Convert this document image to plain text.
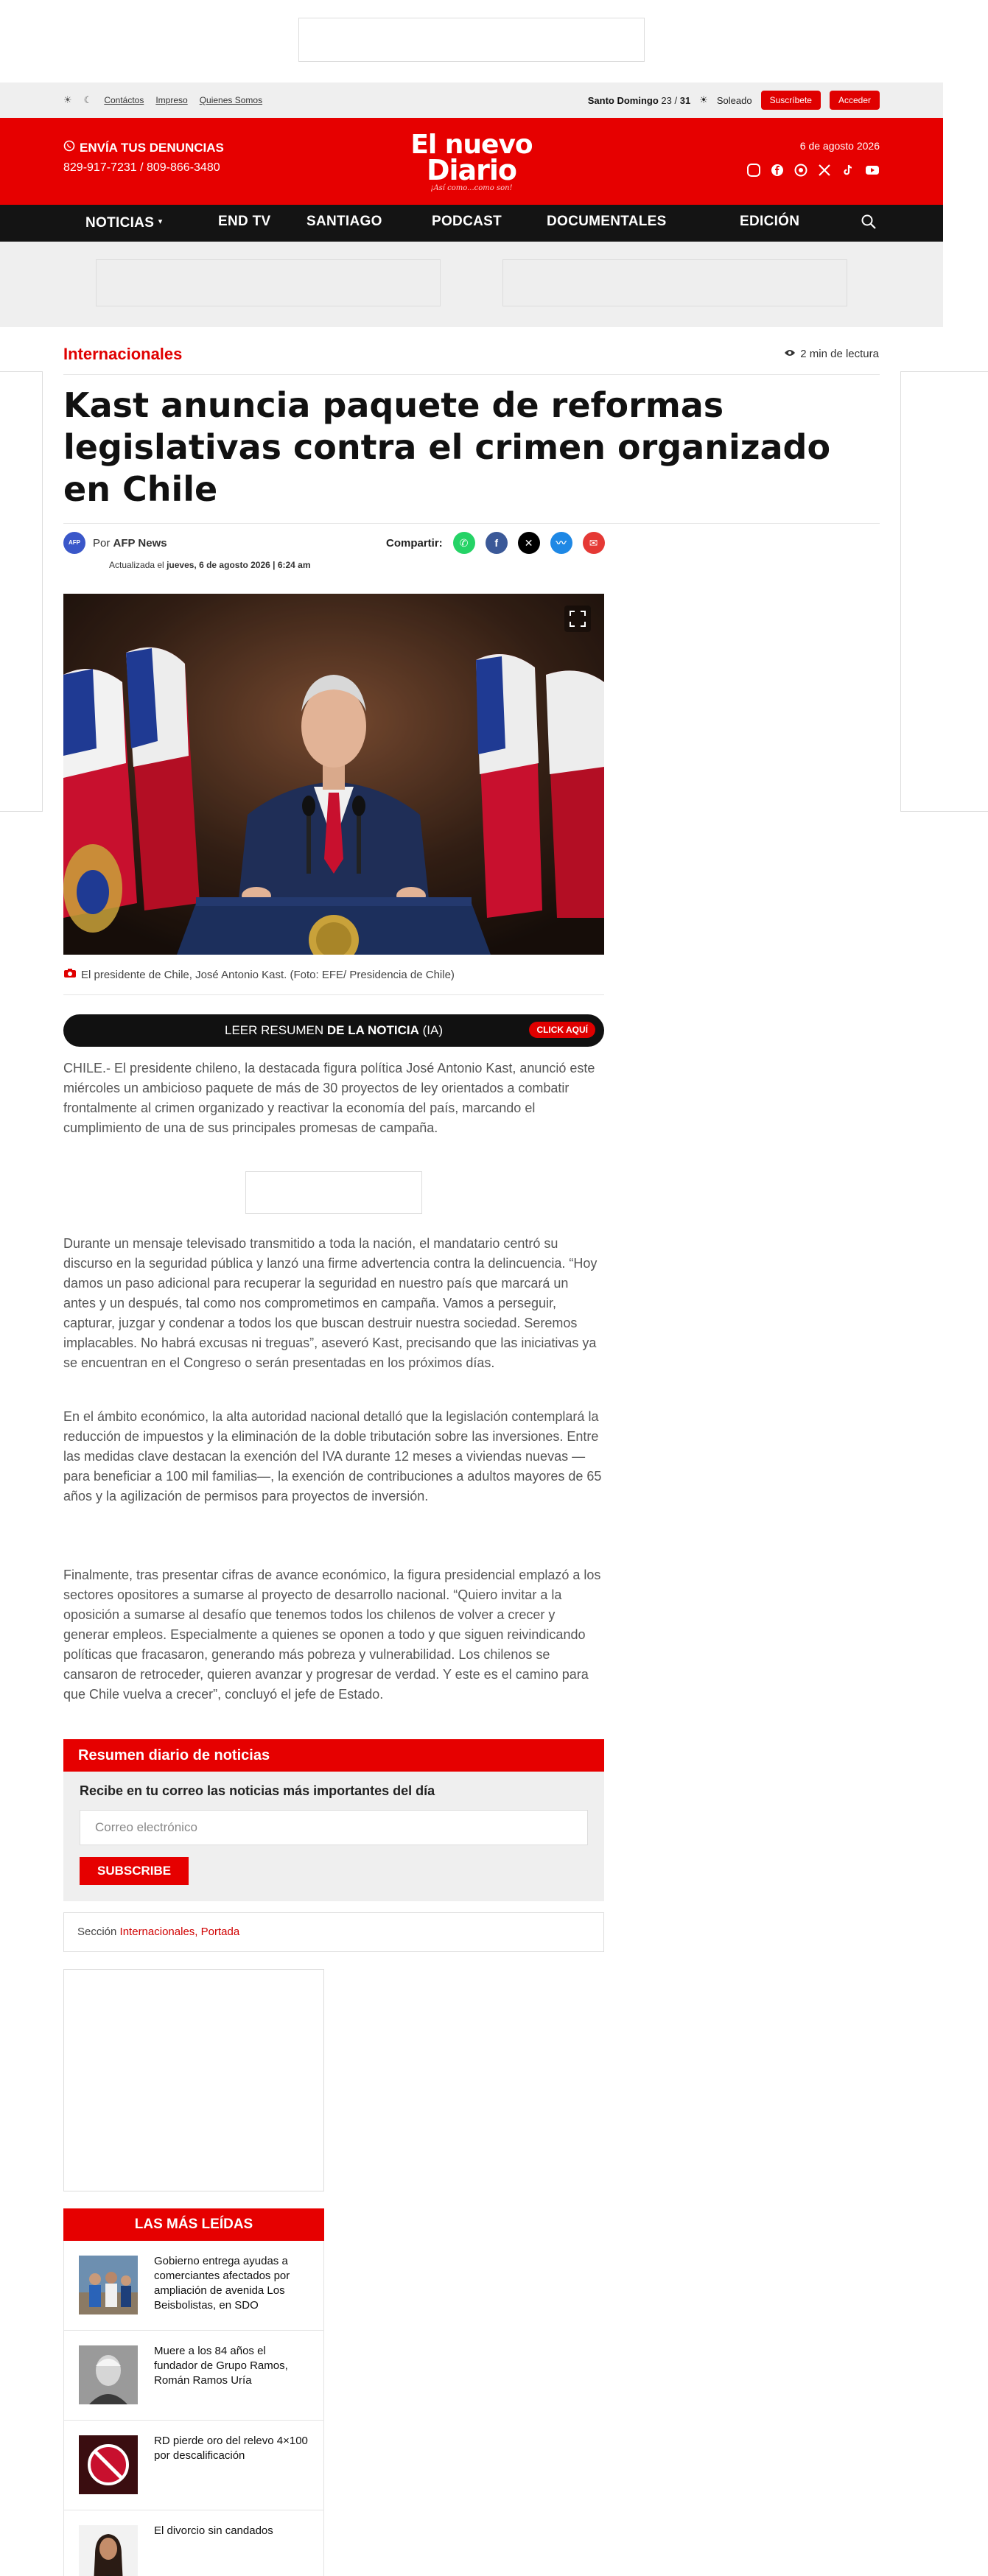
☀ ☾ Contáctos Impreso Quienes Somos	Santo Domingo 23 / 31 ☀ Soleado	Suscríbete	Acceder
ENVÍA TUS DENUNCIAS
829-917-7231 / 809-866-3480
El nuevo
Diario
¡Así como...como son!
6 de agosto 2026
NOTICIAS ▾	END TV	SANTIAGO	PODCAST	DOCUMENTALES	EDICIÓN
Internacionales	2 min de lectura
Kast anuncia paquete de reformas legislativas contra el crimen organizado en Chile
AFP	Por AFP News
Actualizada el jueves, 6 de agosto 2026 | 6:24 am
Compartir:	✆	f	✕	〰	✉
El presidente de Chile, José Antonio Kast. (Foto: EFE/ Presidencia de Chile)
LEER RESUMEN DE LA NOTICIA (IA)	CLICK AQUÍ

CHILE.- El presidente chileno, la destacada figura política José Antonio Kast, anunció este miércoles un ambicioso paquete de más de 30 proyectos de ley orientados a combatir frontalmente al crimen organizado y reactivar la economía del país, marcando el cumplimiento de una de sus principales promesas de campaña.

Durante un mensaje televisado transmitido a toda la nación, el mandatario centró su discurso en la seguridad pública y lanzó una firme advertencia contra la delincuencia. “Hoy damos un paso adicional para recuperar la seguridad en nuestro país que marcará un antes y un después, tal como nos comprometimos en campaña. Vamos a perseguir, capturar, juzgar y condenar a todos los que buscan destruir nuestra sociedad. Seremos implacables. No habrá excusas ni treguas”, aseveró Kast, precisando que las iniciativas ya se encuentran en el Congreso o serán presentadas en los próximos días.

En el ámbito económico, la alta autoridad nacional detalló que la legislación contemplará la reducción de impuestos y la eliminación de la doble tributación sobre las inversiones. Entre las medidas clave destacan la exención del IVA durante 12 meses a viviendas nuevas —para beneficiar a 100 mil familias—, la exención de contribuciones a adultos mayores de 65 años y la agilización de permisos para proyectos de inversión.

Finalmente, tras presentar cifras de avance económico, la figura presidencial emplazó a los sectores opositores a sumarse al proyecto de desarrollo nacional. “Quiero invitar a la oposición a sumarse al desafío que tenemos todos los chilenos de volver a crecer y generar empleos. Especialmente a quienes se oponen a todo y que siguen reivindicando políticas que fracasaron, generando más pobreza y vulnerabilidad. Los chilenos se cansaron de retroceder, quieren avanzar y progresar de verdad. Y este es el camino para que Chile vuelva a crecer”, concluyó el jefe de Estado.

Resumen diario de noticias
Recibe en tu correo las noticias más importantes del día
Correo electrónico
SUBSCRIBE
Sección Internacionales, Portada
LAS MÁS LEÍDAS
Gobierno entrega ayudas a comerciantes afectados por ampliación de avenida Los Beisbolistas, en SDO
Muere a los 84 años el fundador de Grupo Ramos, Román Ramos Uría
RD pierde oro del relevo 4×100 por descalificación
El divorcio sin candados
